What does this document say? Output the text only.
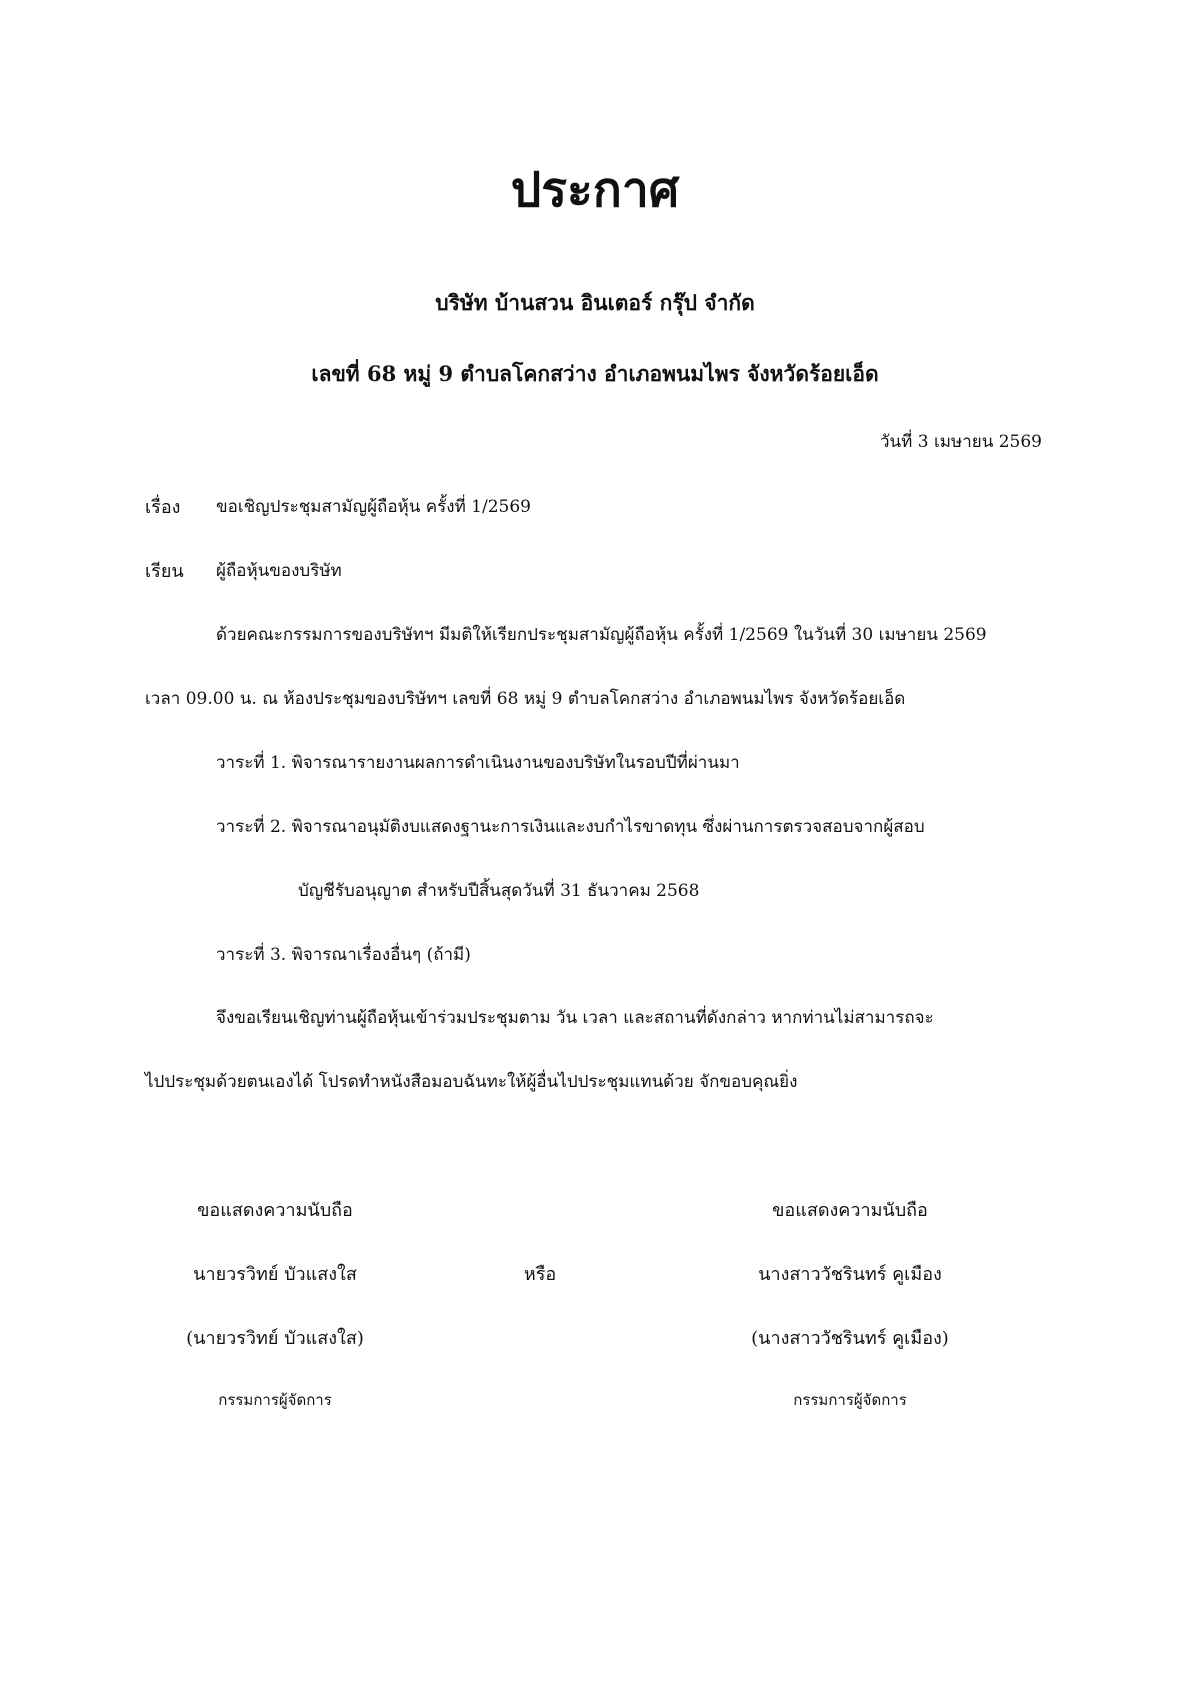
ประกาศ
บริษัท บ้านสวน อินเตอร์ กรุ๊ป จำกัด
เลขที่ 68 หมู่ 9 ตำบลโคกสว่าง อำเภอพนมไพร จังหวัดร้อยเอ็ด
วันที่ 3 เมษายน 2569
เรื่อง ขอเชิญประชุมสามัญผู้ถือหุ้น ครั้งที่ 1/2569
เรียน ผู้ถือหุ้นของบริษัท
ด้วยคณะกรรมการของบริษัทฯ มีมติให้เรียกประชุมสามัญผู้ถือหุ้น ครั้งที่ 1/2569 ในวันที่ 30 เมษายน 2569
เวลา 09.00 น. ณ ห้องประชุมของบริษัทฯ เลขที่ 68 หมู่ 9 ตำบลโคกสว่าง อำเภอพนมไพร จังหวัดร้อยเอ็ด
วาระที่ 1. พิจารณารายงานผลการดำเนินงานของบริษัทในรอบปีที่ผ่านมา
วาระที่ 2. พิจารณาอนุมัติงบแสดงฐานะการเงินและงบกำไรขาดทุน ซึ่งผ่านการตรวจสอบจากผู้สอบ
บัญชีรับอนุญาต สำหรับปีสิ้นสุดวันที่ 31 ธันวาคม 2568
วาระที่ 3. พิจารณาเรื่องอื่นๆ (ถ้ามี)
จึงขอเรียนเชิญท่านผู้ถือหุ้นเข้าร่วมประชุมตาม วัน เวลา และสถานที่ดังกล่าว หากท่านไม่สามารถจะ
ไปประชุมด้วยตนเองได้ โปรดทำหนังสือมอบฉันทะให้ผู้อื่นไปประชุมแทนด้วย จักขอบคุณยิ่ง
ขอแสดงความนับถือ
นายวรวิทย์ บัวแสงใส
(นายวรวิทย์ บัวแสงใส)
กรรมการผู้จัดการ
หรือ
ขอแสดงความนับถือ
นางสาววัชรินทร์ คูเมือง
(นางสาววัชรินทร์ คูเมือง)
กรรมการผู้จัดการ
